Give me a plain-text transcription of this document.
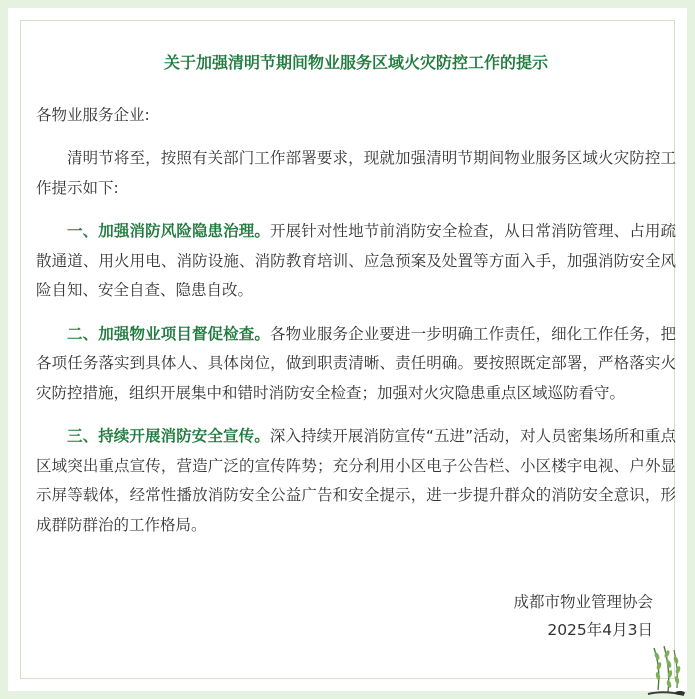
关于加强清明节期间物业服务区域火灾防控工作的提示
各物业服务企业:

清明节将至，按照有关部门工作部署要求，现就加强清明节期间物业服务区域火灾防控工作提示如下:

一、加强消防风险隐患治理。开展针对性地节前消防安全检查，从日常消防管理、占用疏散通道、用火用电、消防设施、消防教育培训、应急预案及处置等方面入手，加强消防安全风险自知、安全自查、隐患自改。

二、加强物业项目督促检查。各物业服务企业要进一步明确工作责任，细化工作任务，把各项任务落实到具体人、具体岗位，做到职责清晰、责任明确。要按照既定部署，严格落实火灾防控措施，组织开展集中和错时消防安全检查；加强对火灾隐患重点区域巡防看守。

三、持续开展消防安全宣传。深入持续开展消防宣传“五进”活动，对人员密集场所和重点区域突出重点宣传，营造广泛的宣传阵势；充分利用小区电子公告栏、小区楼宇电视、户外显示屏等载体，经常性播放消防安全公益广告和安全提示，进一步提升群众的消防安全意识，形成群防群治的工作格局。

成都市物业管理协会
2025年4月3日
